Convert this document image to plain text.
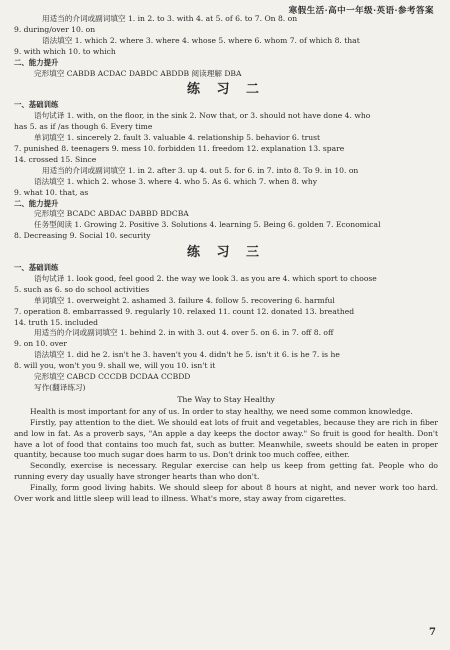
寒假生活·高中一年级·英语·参考答案
用适当的介词或副词填空 1. in 2. to 3. with 4. at 5. of 6. to 7. On 8. on
9. during/over 10. on
语法填空 1. which 2. where 3. where 4. whose 5. where 6. whom 7. of which 8. that
9. with which 10. to which
二、能力提升
完形填空 CABDB ACDAC DABDC ABDDB 阅读理解 DBA
练 习 二
一、基础训练
语句试译 1. with, on the floor, in the sink 2. Now that, or 3. should not have done 4. who
has 5. as if /as though 6. Every time
单词填空 1. sincerely 2. fault 3. valuable 4. relationship 5. behavior 6. trust
7. punished 8. teenagers 9. mess 10. forbidden 11. freedom 12. explanation 13. spare
14. crossed 15. Since
用适当的介词或副词填空 1. in 2. after 3. up 4. out 5. for 6. in 7. into 8. To 9. in 10. on
语法填空 1. which 2. whose 3. where 4. who 5. As 6. which 7. when 8. why
9. what 10. that, as
二、能力提升
完形填空 BCADC ABDAC DABBD BDCBA
任务型阅读 1. Growing 2. Positive 3. Solutions 4. learning 5. Being 6. golden 7. Economical
8. Decreasing 9. Social 10. security
练 习 三
一、基础训练
语句试译 1. look good, feel good 2. the way we look 3. as you are 4. which sport to choose
5. such as 6. so do school activities
单词填空 1. overweight 2. ashamed 3. failure 4. follow 5. recovering 6. harmful
7. operation 8. embarrassed 9. regularly 10. relaxed 11. count 12. donated 13. breathed
14. truth 15. included
用适当的介词或副词填空 1. behind 2. in with 3. out 4. over 5. on 6. in 7. off 8. off
9. on 10. over
语法填空 1. did he 2. isn't he 3. haven't you 4. didn't he 5. isn't it 6. is he 7. is he
8. will you, won't you 9. shall we, will you 10. isn't it
完形填空 CABCD CCCDB DCDAA CCBDD
写作(翻译练习)
The Way to Stay Healthy
Health is most important for any of us. In order to stay healthy, we need some common knowledge.
Firstly, pay attention to the diet. We should eat lots of fruit and vegetables, because they are rich in fiber and low in fat. As a proverb says, "An apple a day keeps the doctor away." So fruit is good for health. Don't have a lot of food that contains too much fat, such as butter. Meanwhile, sweets should be eaten in proper quantity, because too much sugar does harm to us. Don't drink too much coffee, either.
Secondly, exercise is necessary. Regular exercise can help us keep from getting fat. People who do running every day usually have stronger hearts than who don't.
Finally, form good living habits. We should sleep for about 8 hours at night, and never work too hard. Over work and little sleep will lead to illness. What's more, stay away from cigarettes.
7
